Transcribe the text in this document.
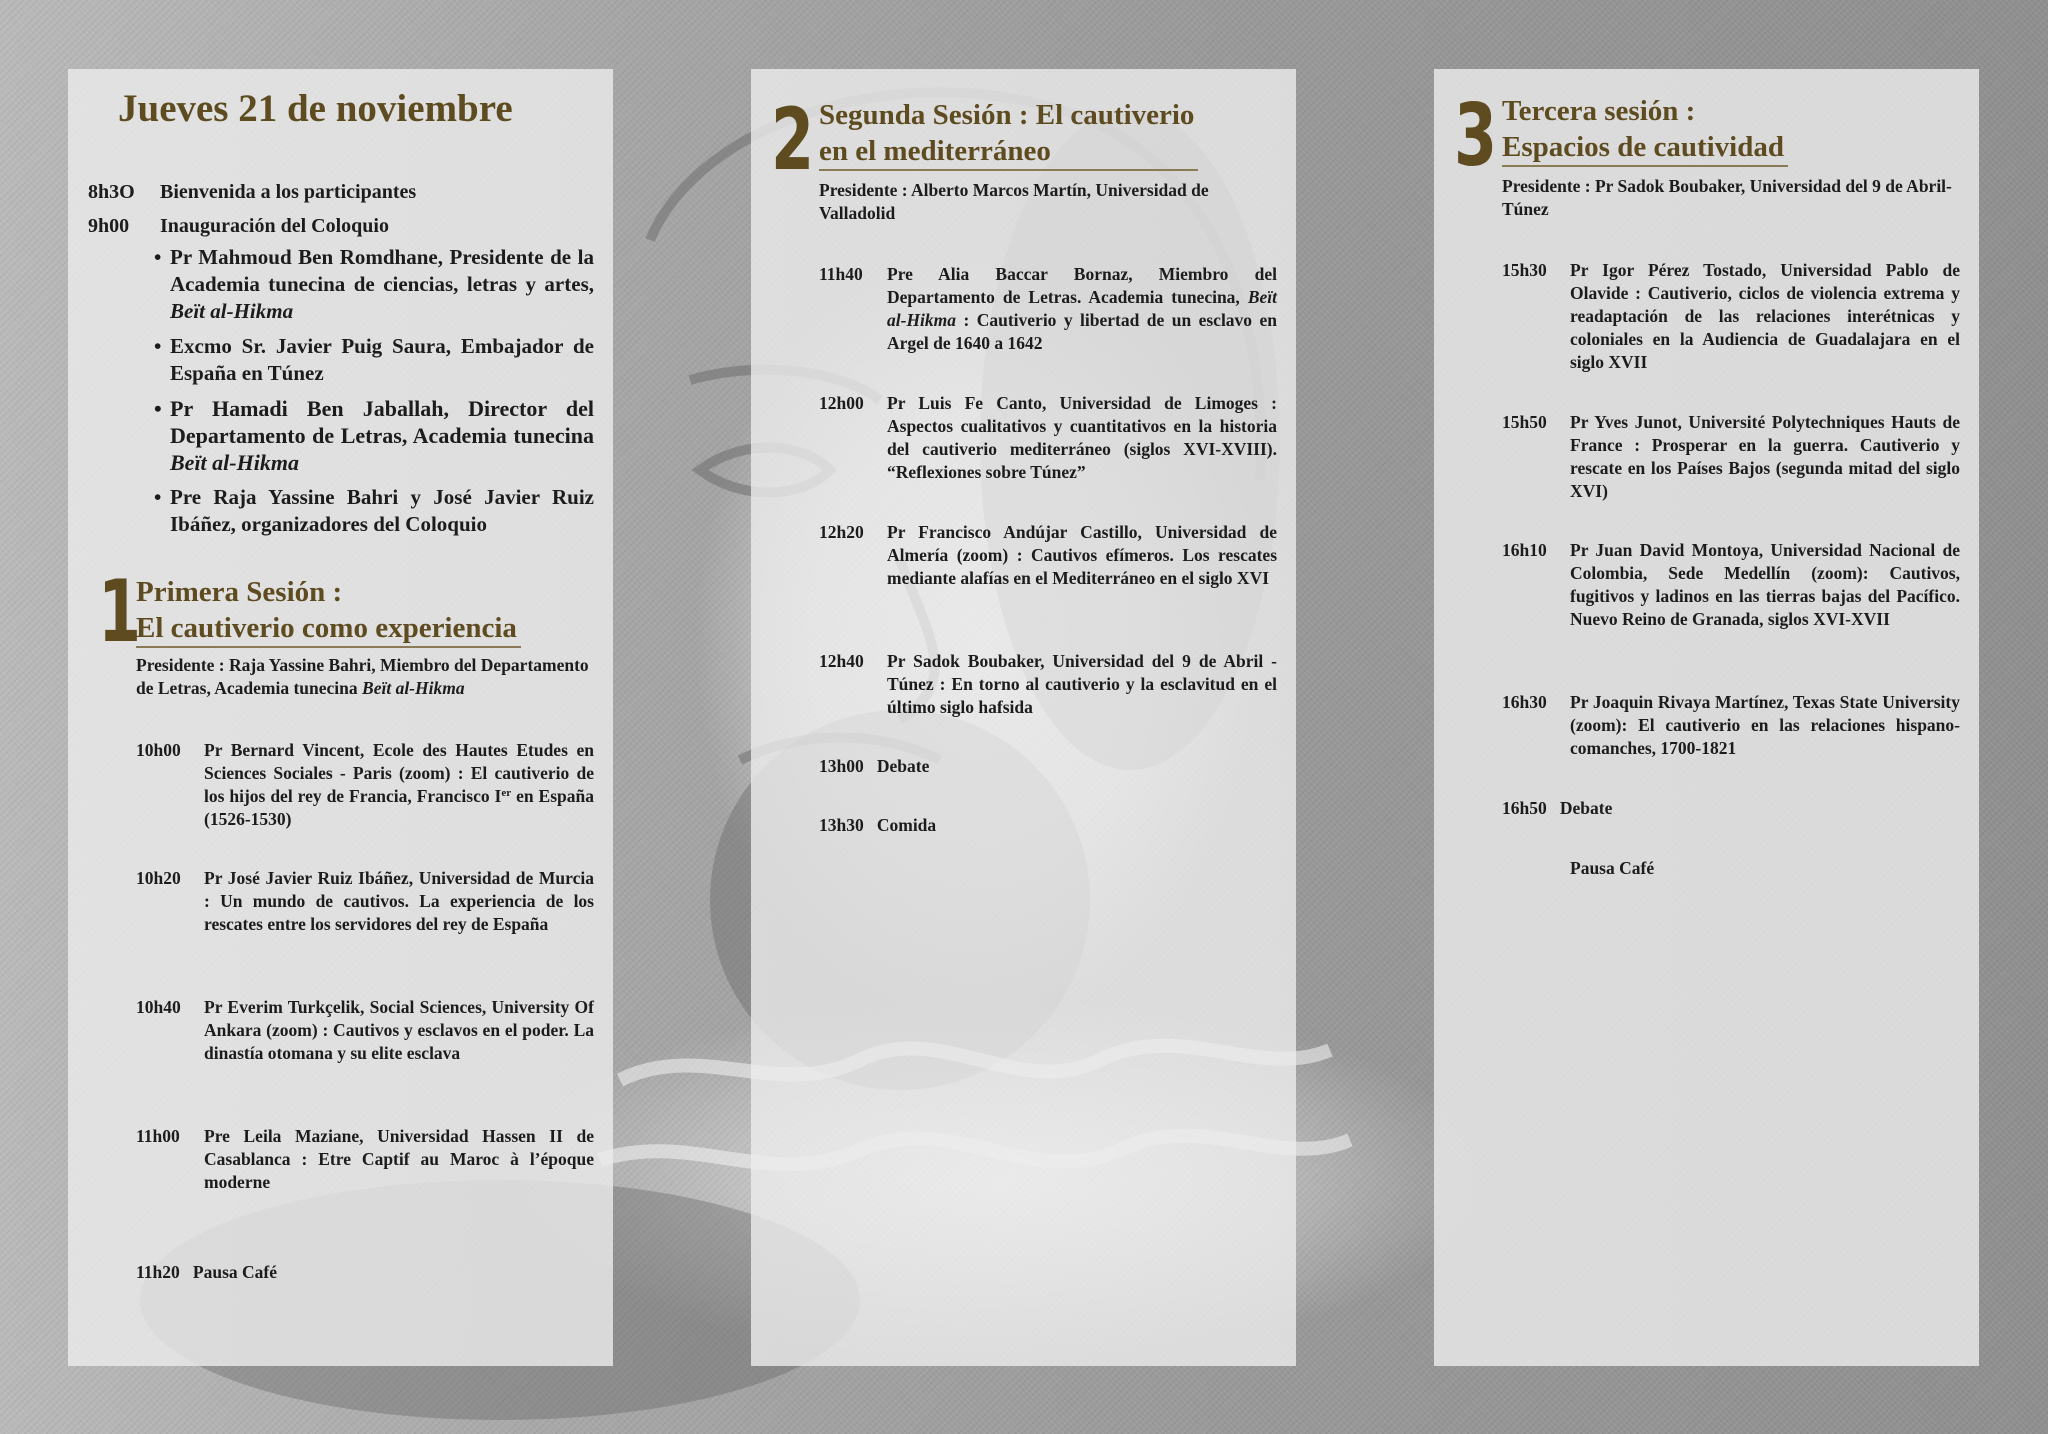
Jueves 21 de noviembre
8h3O Bienvenida a los participantes
9h00 Inauguración del Coloquio
• Pr Mahmoud Ben Romdhane, Presidente de la Academia tunecina de ciencias, letras y artes, Beït al-Hikma
• Excmo Sr. Javier Puig Saura, Embajador de España en Túnez
• Pr Hamadi Ben Jaballah, Director del Departamento de Letras, Academia tunecina Beït al-Hikma
• Pre Raja Yassine Bahri y José Javier Ruiz Ibáñez, organizadores del Coloquio
1 Primera Sesión :
El cautiverio como experiencia
Presidente : Raja Yassine Bahri, Miembro del Departamento de Letras, Academia tunecina Beït al-Hikma
10h00 Pr Bernard Vincent, Ecole des Hautes Etudes en Sciences Sociales - Paris (zoom) : El cautiverio de los hijos del rey de Francia, Francisco Ier en España (1526-1530)
10h20 Pr José Javier Ruiz Ibáñez, Universidad de Murcia : Un mundo de cautivos. La experiencia de los rescates entre los servidores del rey de España
10h40 Pr Everim Turkçelik, Social Sciences, University Of Ankara (zoom) : Cautivos y esclavos en el poder. La dinastía otomana y su elite esclava
11h00 Pre Leila Maziane, Universidad Hassen II de Casablanca : Etre Captif au Maroc à l’époque moderne
11h20 Pausa Café
2 Segunda Sesión : El cautiverio
en el mediterráneo
Presidente : Alberto Marcos Martín, Universidad de Valladolid
11h40 Pre Alia Baccar Bornaz, Miembro del Departamento de Letras. Academia tunecina, Beït al-Hikma : Cautiverio y libertad de un esclavo en Argel de 1640 a 1642
12h00 Pr Luis Fe Canto, Universidad de Limoges : Aspectos cualitativos y cuantitativos en la historia del cautiverio mediterráneo (siglos XVI-XVIII). “Reflexiones sobre Túnez”
12h20 Pr Francisco Andújar Castillo, Universidad de Almería (zoom) : Cautivos efímeros. Los rescates mediante alafías en el Mediterráneo en el siglo XVI
12h40 Pr Sadok Boubaker, Universidad del 9 de Abril - Túnez : En torno al cautiverio y la esclavitud en el último siglo hafsida
13h00 Debate
13h30 Comida
3 Tercera sesión :
Espacios de cautividad
Presidente : Pr Sadok Boubaker, Universidad del 9 de Abril- Túnez
15h30 Pr Igor Pérez Tostado, Universidad Pablo de Olavide : Cautiverio, ciclos de violencia extrema y readaptación de las relaciones interétnicas y coloniales en la Audiencia de Guadalajara en el siglo XVII
15h50 Pr Yves Junot, Université Polytechniques Hauts de France : Prosperar en la guerra. Cautiverio y rescate en los Países Bajos (segunda mitad del siglo XVI)
16h10 Pr Juan David Montoya, Universidad Nacional de Colombia, Sede Medellín (zoom): Cautivos, fugitivos y ladinos en las tierras bajas del Pacífico. Nuevo Reino de Granada, siglos XVI-XVII
16h30 Pr Joaquin Rivaya Martínez, Texas State University (zoom): El cautiverio en las relaciones hispano-comanches, 1700-1821
16h50 Debate
Pausa Café
